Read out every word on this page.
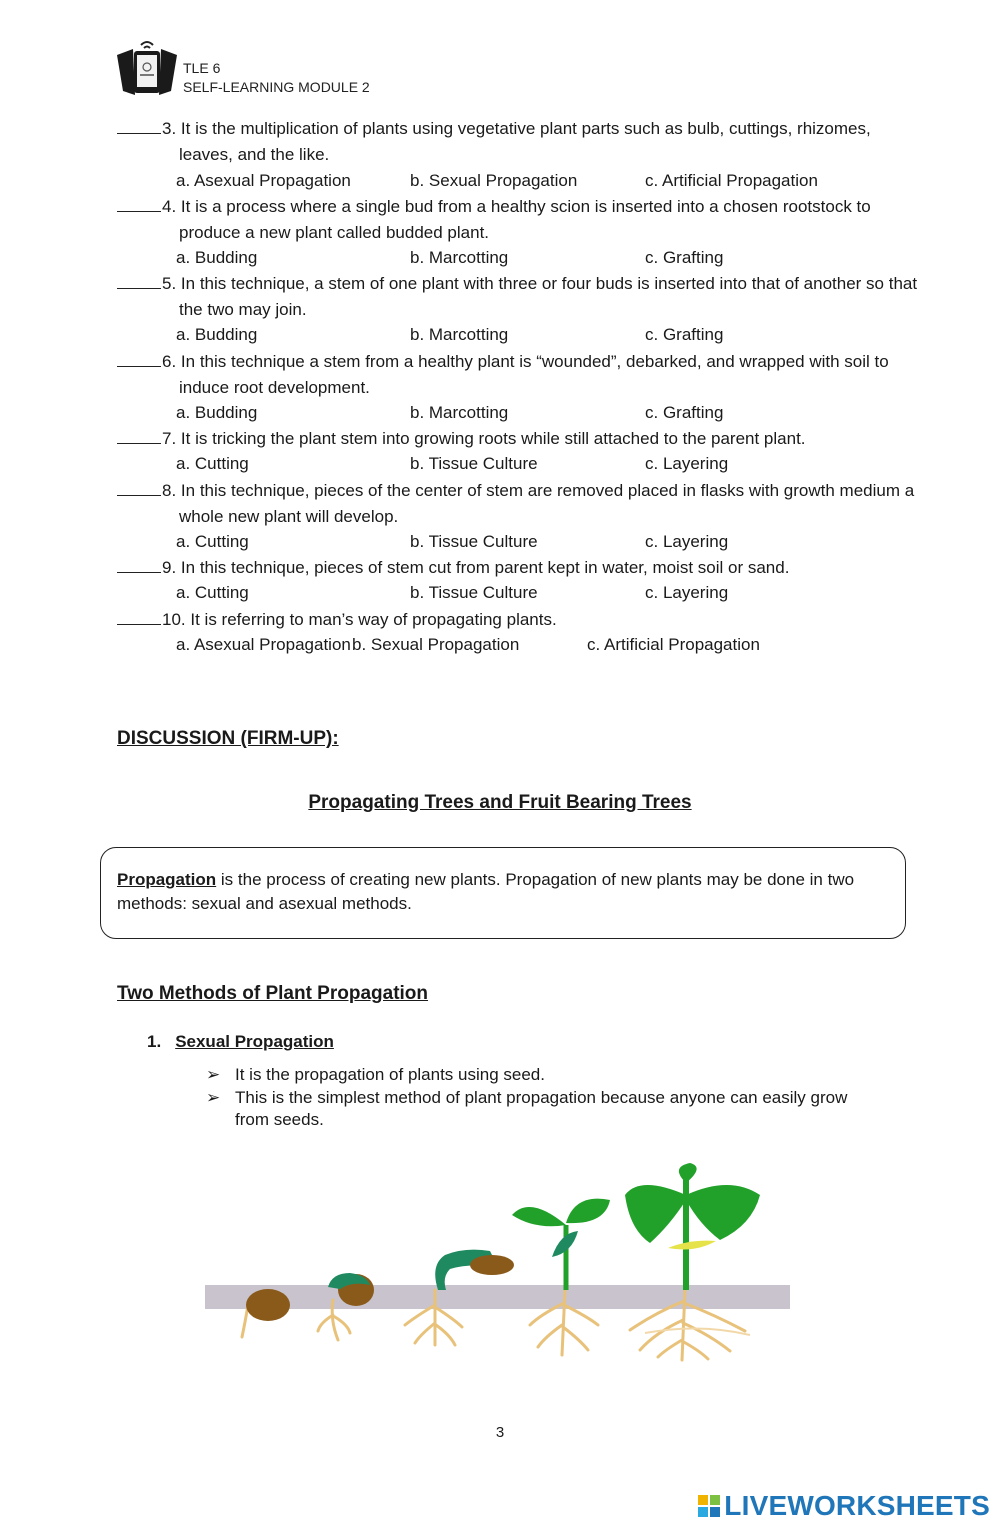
TLE 6
SELF-LEARNING MODULE 2
3. It is the multiplication of plants using vegetative plant parts such as bulb, cuttings, rhizomes,
leaves, and the like.
a. Asexual Propagation	b. Sexual Propagation	c. Artificial Propagation
4. It is a process where a single bud from a healthy scion is inserted into a chosen rootstock to
produce a new plant called budded plant.
a. Budding	b. Marcotting	c. Grafting
5. In this technique, a stem of one plant with three or four buds is inserted into that of another so that
the two may join.
a. Budding	b. Marcotting	c. Grafting
6. In this technique a stem from a healthy plant is “wounded”, debarked, and wrapped with soil to
induce root development.
a. Budding	b. Marcotting	c. Grafting
7. It is tricking the plant stem into growing roots while still attached to the parent plant.
a. Cutting	b. Tissue Culture	c. Layering
8. In this technique, pieces of the center of stem are removed placed in flasks with growth medium a
whole new plant will develop.
a. Cutting	b. Tissue Culture	c. Layering
9. In this technique, pieces of stem cut from parent kept in water, moist soil or sand.
a. Cutting	b. Tissue Culture	c. Layering
10. It is referring to man’s way of propagating plants.
a. Asexual Propagation b. Sexual Propagation	c. Artificial Propagation
DISCUSSION (FIRM-UP):
Propagating Trees and Fruit Bearing Trees
Propagation is the process of creating new plants. Propagation of new plants may be done in two methods: sexual and asexual methods.
Two Methods of Plant Propagation
1. Sexual Propagation
➢ It is the propagation of plants using seed.
➢ This is the simplest method of plant propagation because anyone can easily grow from seeds.
3
LIVEWORKSHEETS
